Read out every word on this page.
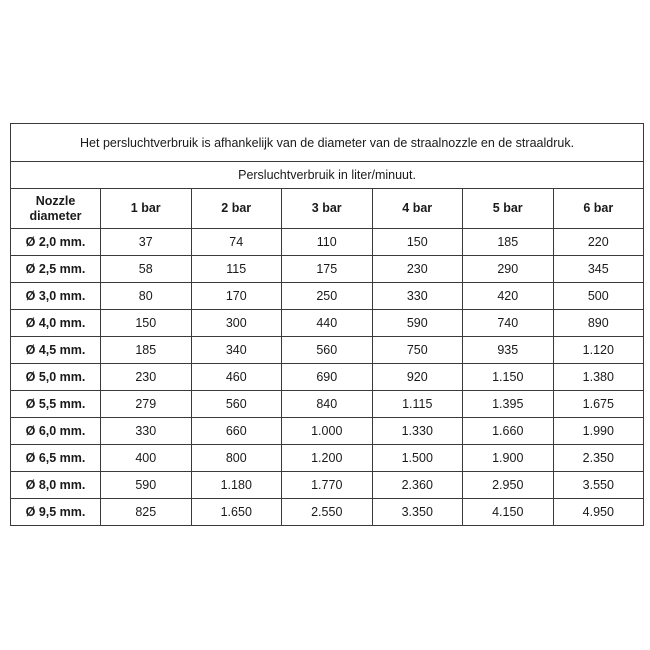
Het persluchtverbruik is afhankelijk van de diameter van de straalnozzle en de straaldruk.						
Persluchtverbruik in liter/minuut.						
Nozzle
diameter	1 bar	2 bar	3 bar	4 bar	5 bar	6 bar
Ø 2,0 mm.	37	74	110	150	185	220
Ø 2,5 mm.	58	115	175	230	290	345
Ø 3,0 mm.	80	170	250	330	420	500
Ø 4,0 mm.	150	300	440	590	740	890
Ø 4,5 mm.	185	340	560	750	935	1.120
Ø 5,0 mm.	230	460	690	920	1.150	1.380
Ø 5,5 mm.	279	560	840	1.115	1.395	1.675
Ø 6,0 mm.	330	660	1.000	1.330	1.660	1.990
Ø 6,5 mm.	400	800	1.200	1.500	1.900	2.350
Ø 8,0 mm.	590	1.180	1.770	2.360	2.950	3.550
Ø 9,5 mm.	825	1.650	2.550	3.350	4.150	4.950
